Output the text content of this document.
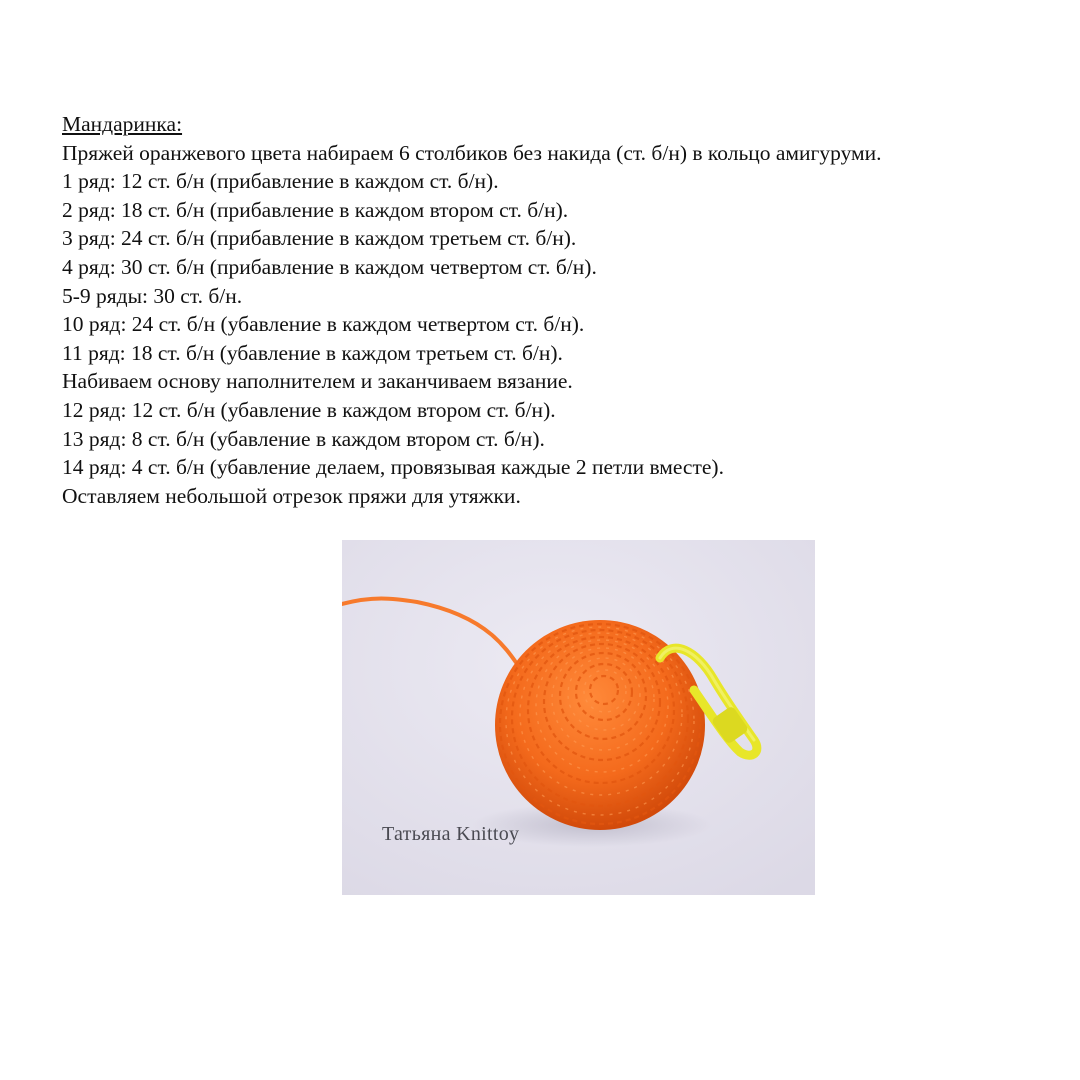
Мандаринка:
Пряжей оранжевого цвета набираем 6 столбиков без накида (ст. б/н) в кольцо амигуруми.
1 ряд: 12 ст. б/н (прибавление в каждом ст. б/н).
2 ряд: 18 ст. б/н (прибавление в каждом втором ст. б/н).
3 ряд: 24 ст. б/н (прибавление в каждом третьем ст. б/н).
4 ряд: 30 ст. б/н (прибавление в каждом четвертом ст. б/н).
5-9 ряды: 30 ст. б/н.
10 ряд: 24 ст. б/н (убавление в каждом четвертом ст. б/н).
11 ряд: 18 ст. б/н (убавление в каждом третьем ст. б/н).
Набиваем основу наполнителем и заканчиваем вязание.
12 ряд: 12 ст. б/н (убавление в каждом втором ст. б/н).
13 ряд: 8 ст. б/н (убавление в каждом втором ст. б/н).
14 ряд: 4 ст. б/н (убавление делаем, провязывая каждые 2 петли вместе).
Оставляем небольшой отрезок пряжи для утяжки.
Татьяна Knittoy
